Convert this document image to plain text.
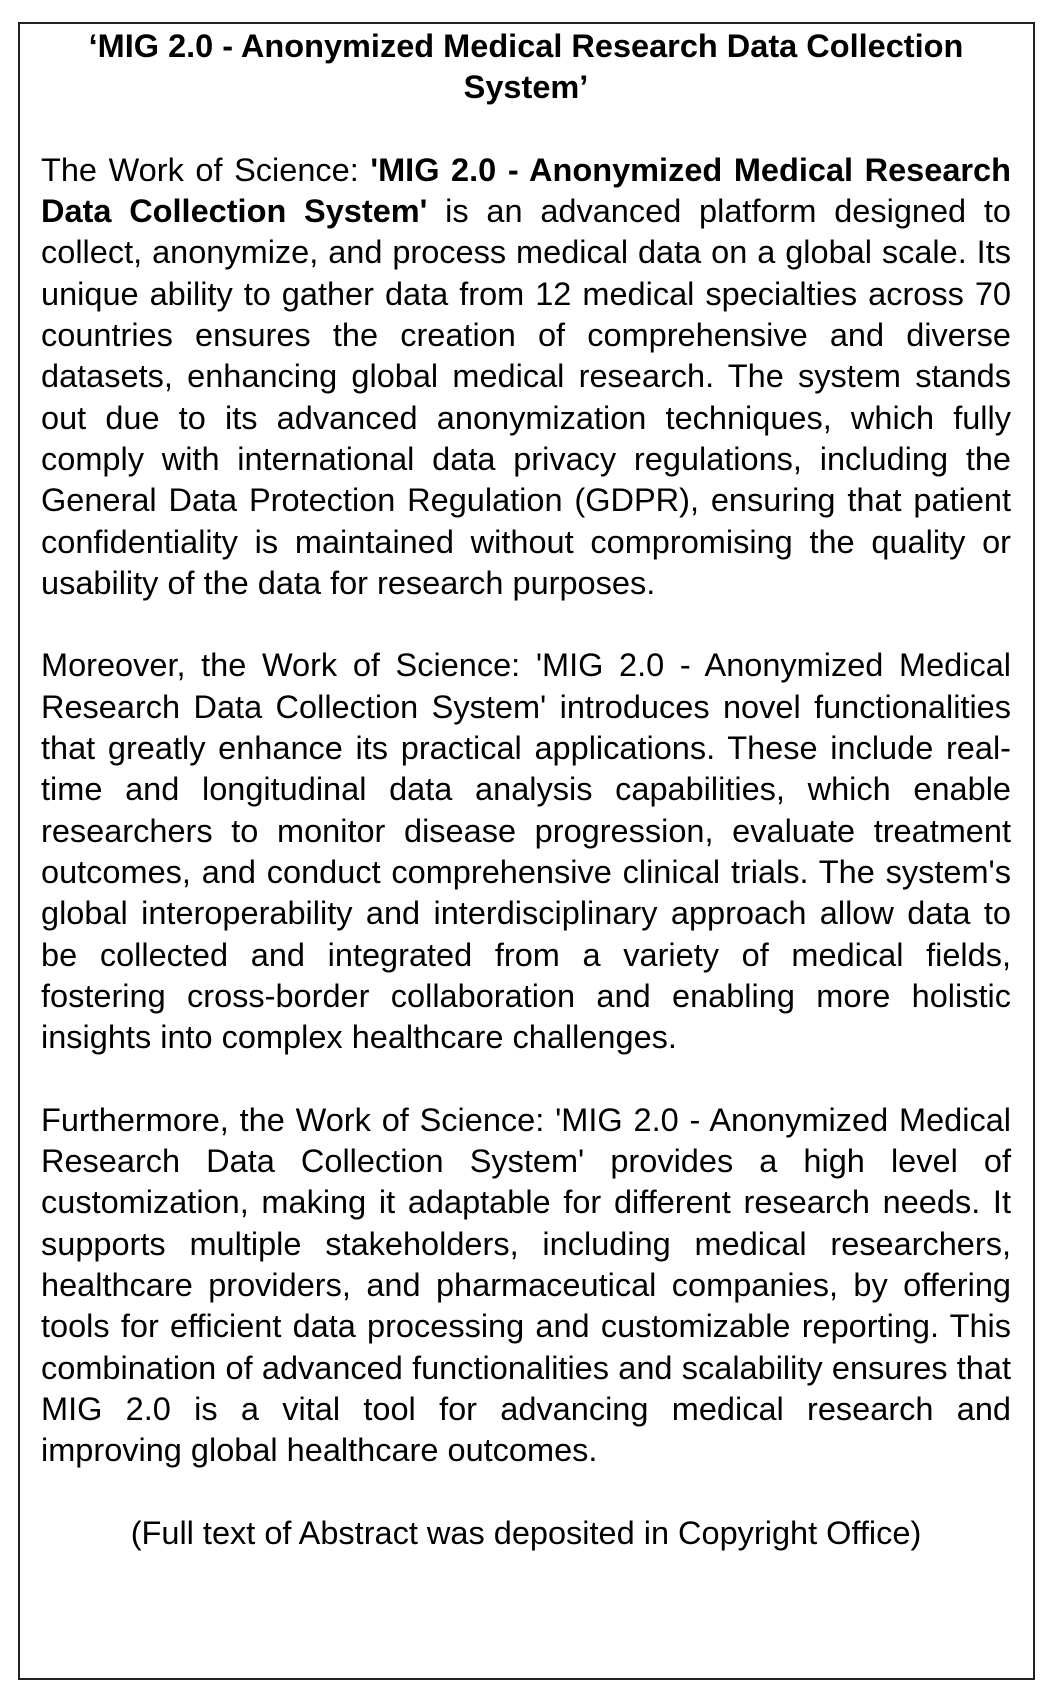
‘MIG 2.0 - Anonymized Medical Research Data Collection System’

The Work of Science: 'MIG 2.0 - Anonymized Medical Research Data Collection System' is an advanced platform designed to collect, anonymize, and process medical data on a global scale. Its unique ability to gather data from 12 medical specialties across 70 countries ensures the creation of comprehensive and diverse datasets, enhancing global medical research. The system stands out due to its advanced anonymization techniques, which fully comply with international data privacy regulations, including the General Data Protection Regulation (GDPR), ensuring that patient confidentiality is maintained without compromising the quality or usability of the data for research purposes.

Moreover, the Work of Science: 'MIG 2.0 - Anonymized Medical Research Data Collection System' introduces novel functionalities that greatly enhance its practical applications. These include real-time and longitudinal data analysis capabilities, which enable researchers to monitor disease progression, evaluate treatment outcomes, and conduct comprehensive clinical trials. The system's global interoperability and interdisciplinary approach allow data to be collected and integrated from a variety of medical fields, fostering cross-border collaboration and enabling more holistic insights into complex healthcare challenges.

Furthermore, the Work of Science: 'MIG 2.0 - Anonymized Medical Research Data Collection System' provides a high level of customization, making it adaptable for different research needs. It supports multiple stakeholders, including medical researchers, healthcare providers, and pharmaceutical companies, by offering tools for efficient data processing and customizable reporting. This combination of advanced functionalities and scalability ensures that MIG 2.0 is a vital tool for advancing medical research and improving global healthcare outcomes.

(Full text of Abstract was deposited in Copyright Office)
